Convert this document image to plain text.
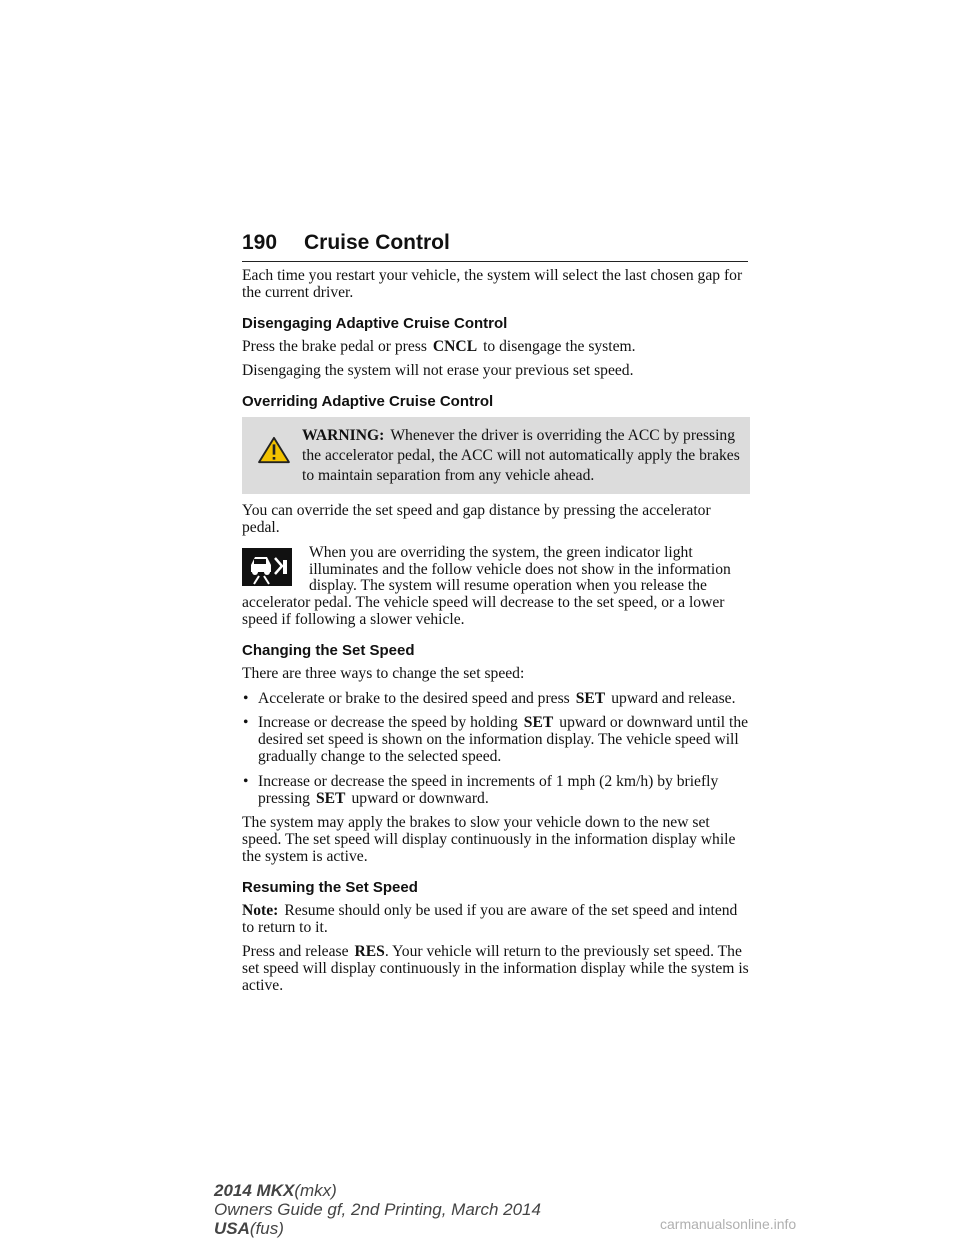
190 Cruise Control

Each time you restart your vehicle, the system will select the last chosen gap for the current driver.

Disengaging Adaptive Cruise Control

Press the brake pedal or press CNCL to disengage the system.

Disengaging the system will not erase your previous set speed.

Overriding Adaptive Cruise Control
WARNING: Whenever the driver is overriding the ACC by pressing the accelerator pedal, the ACC will not automatically apply the brakes to maintain separation from any vehicle ahead.

You can override the set speed and gap distance by pressing the accelerator pedal.

When you are overriding the system, the green indicator light illuminates and the follow vehicle does not show in the information display. The system will resume operation when you release the accelerator pedal. The vehicle speed will decrease to the set speed, or a lower speed if following a slower vehicle.
Changing the Set Speed

There are three ways to change the set speed:

• Accelerate or brake to the desired speed and press SET upward and release.
• Increase or decrease the speed by holding SET upward or downward until the desired set speed is shown on the information display. The vehicle speed will gradually change to the selected speed.
• Increase or decrease the speed in increments of 1 mph (2 km/h) by briefly pressing SET upward or downward.

The system may apply the brakes to slow your vehicle down to the new set speed. The set speed will display continuously in the information display while the system is active.

Resuming the Set Speed

Note: Resume should only be used if you are aware of the set speed and intend to return to it.

Press and release RES. Your vehicle will return to the previously set speed. The set speed will display continuously in the information display while the system is active.

2014 MKX(mkx)
Owners Guide gf, 2nd Printing, March 2014
USA(fus)	carmanualsonline.info
